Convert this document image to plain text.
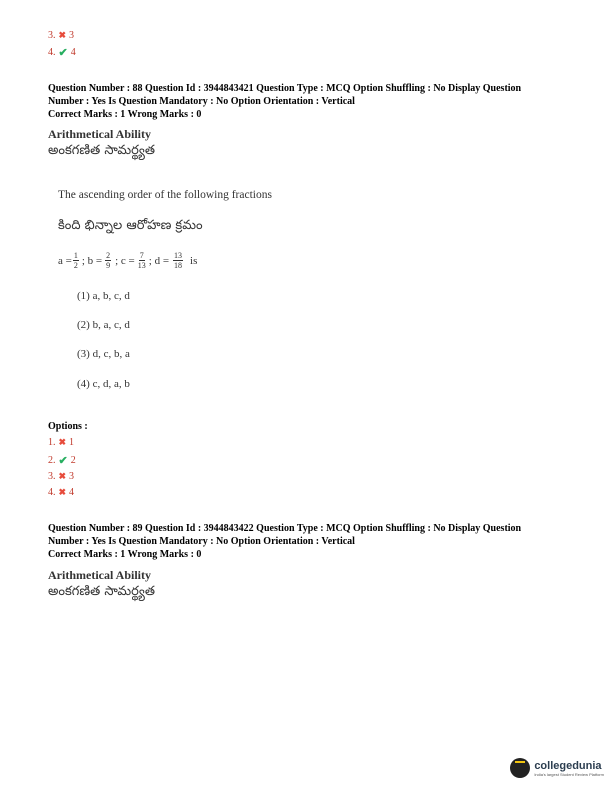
3. ✖ 3
4. ✔ 4
Question Number : 88 Question Id : 3944843421 Question Type : MCQ Option Shuffling : No Display Question
Number : Yes Is Question Mandatory : No Option Orientation : Vertical
Correct Marks : 1 Wrong Marks : 0
Arithmetical Ability
అంకగణిత సామర్థ్యత
The ascending order of the following fractions
కింది భిన్నాల ఆరోహణ క్రమం
$a = \frac{1}{2}$ ; $b = \frac{2}{9}$ ; $c = \frac{7}{13}$ ; $d = \frac{13}{18}$ is
(1) a, b, c, d
(2) b, a, c, d
(3) d, c, b, a
(4) c, d, a, b
Options :
1. ✖ 1
2. ✔ 2
3. ✖ 3
4. ✖ 4
Question Number : 89 Question Id : 3944843422 Question Type : MCQ Option Shuffling : No Display Question
Number : Yes Is Question Mandatory : No Option Orientation : Vertical
Correct Marks : 1 Wrong Marks : 0
Arithmetical Ability
అంకగణిత సామర్థ్యత
collegedunia
India's largest Student Review Platform
